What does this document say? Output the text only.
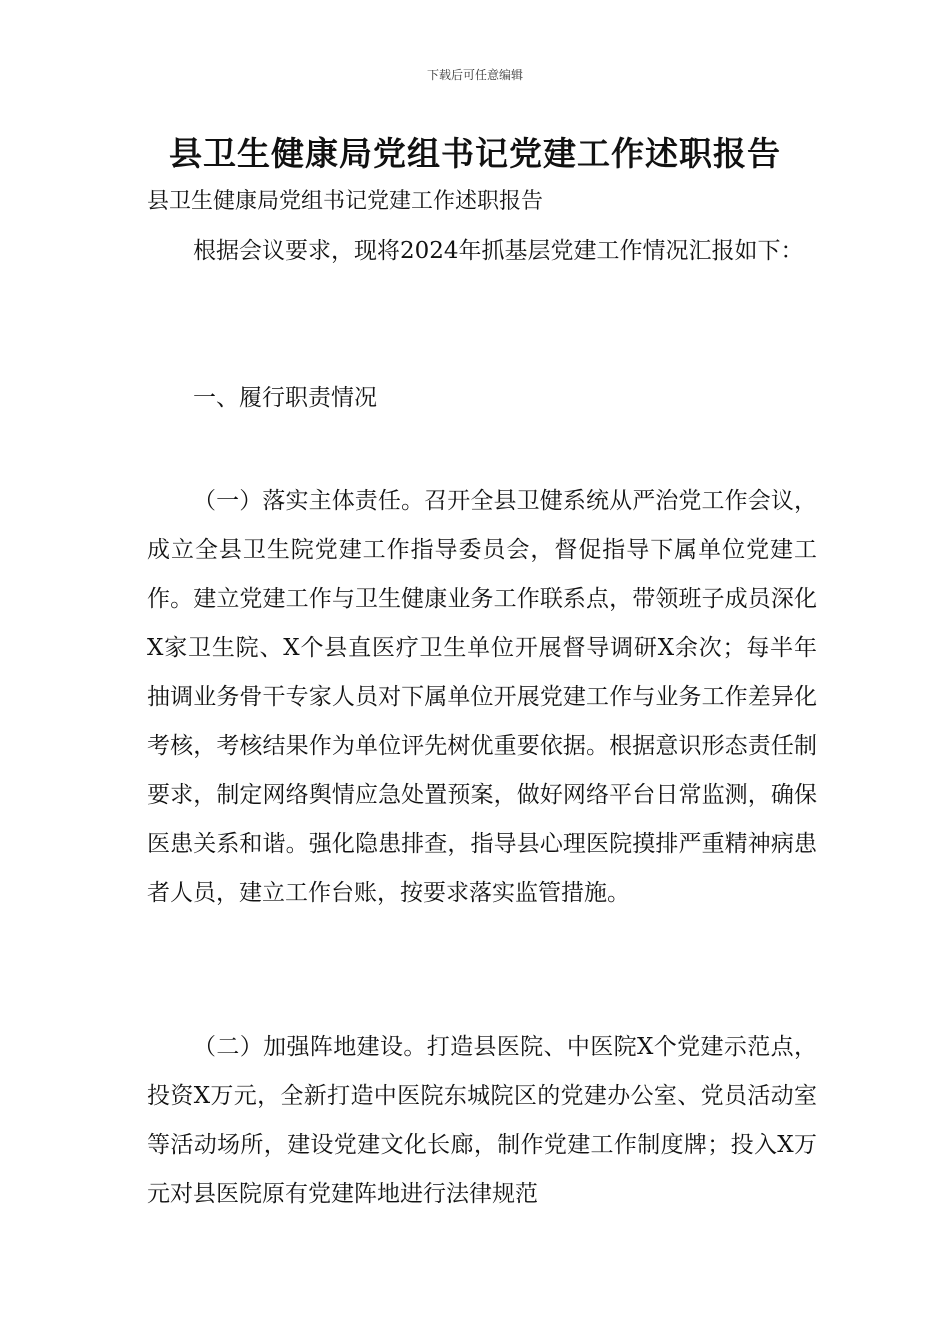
下载后可任意编辑
县卫生健康局党组书记党建工作述职报告
县卫生健康局党组书记党建工作述职报告

根据会议要求，现将2024年抓基层党建工作情况汇报如下：

一、履行职责情况

（一）落实主体责任。召开全县卫健系统从严治党工作会议，成立全县卫生院党建工作指导委员会，督促指导下属单位党建工作。建立党建工作与卫生健康业务工作联系点，带领班子成员深化X家卫生院、X个县直医疗卫生单位开展督导调研X余次；每半年抽调业务骨干专家人员对下属单位开展党建工作与业务工作差异化考核，考核结果作为单位评先树优重要依据。根据意识形态责任制要求，制定网络舆情应急处置预案，做好网络平台日常监测，确保医患关系和谐。强化隐患排查，指导县心理医院摸排严重精神病患者人员，建立工作台账，按要求落实监管措施。

（二）加强阵地建设。打造县医院、中医院X个党建示范点，投资X万元，全新打造中医院东城院区的党建办公室、党员活动室等活动场所，建设党建文化长廊，制作党建工作制度牌；投入X万元对县医院原有党建阵地进行法律规范
